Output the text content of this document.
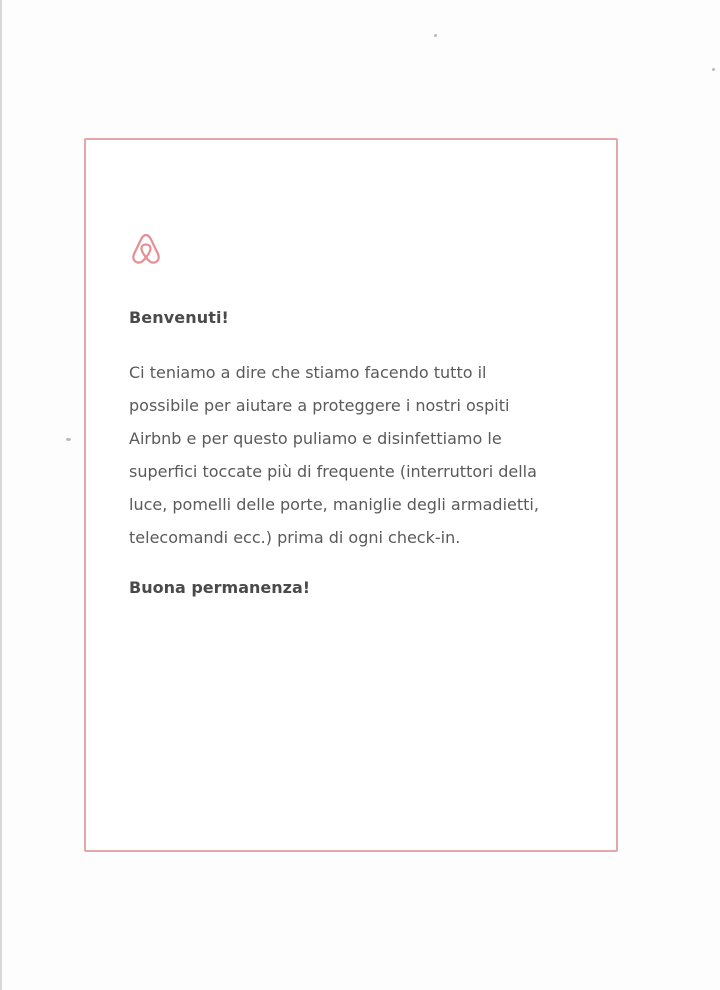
Benvenuti!

Ci teniamo a dire che stiamo facendo tutto il
possibile per aiutare a proteggere i nostri ospiti
Airbnb e per questo puliamo e disinfettiamo le
superfici toccate più di frequente (interruttori della
luce, pomelli delle porte, maniglie degli armadietti,
telecomandi ecc.) prima di ogni check-in.

Buona permanenza!
